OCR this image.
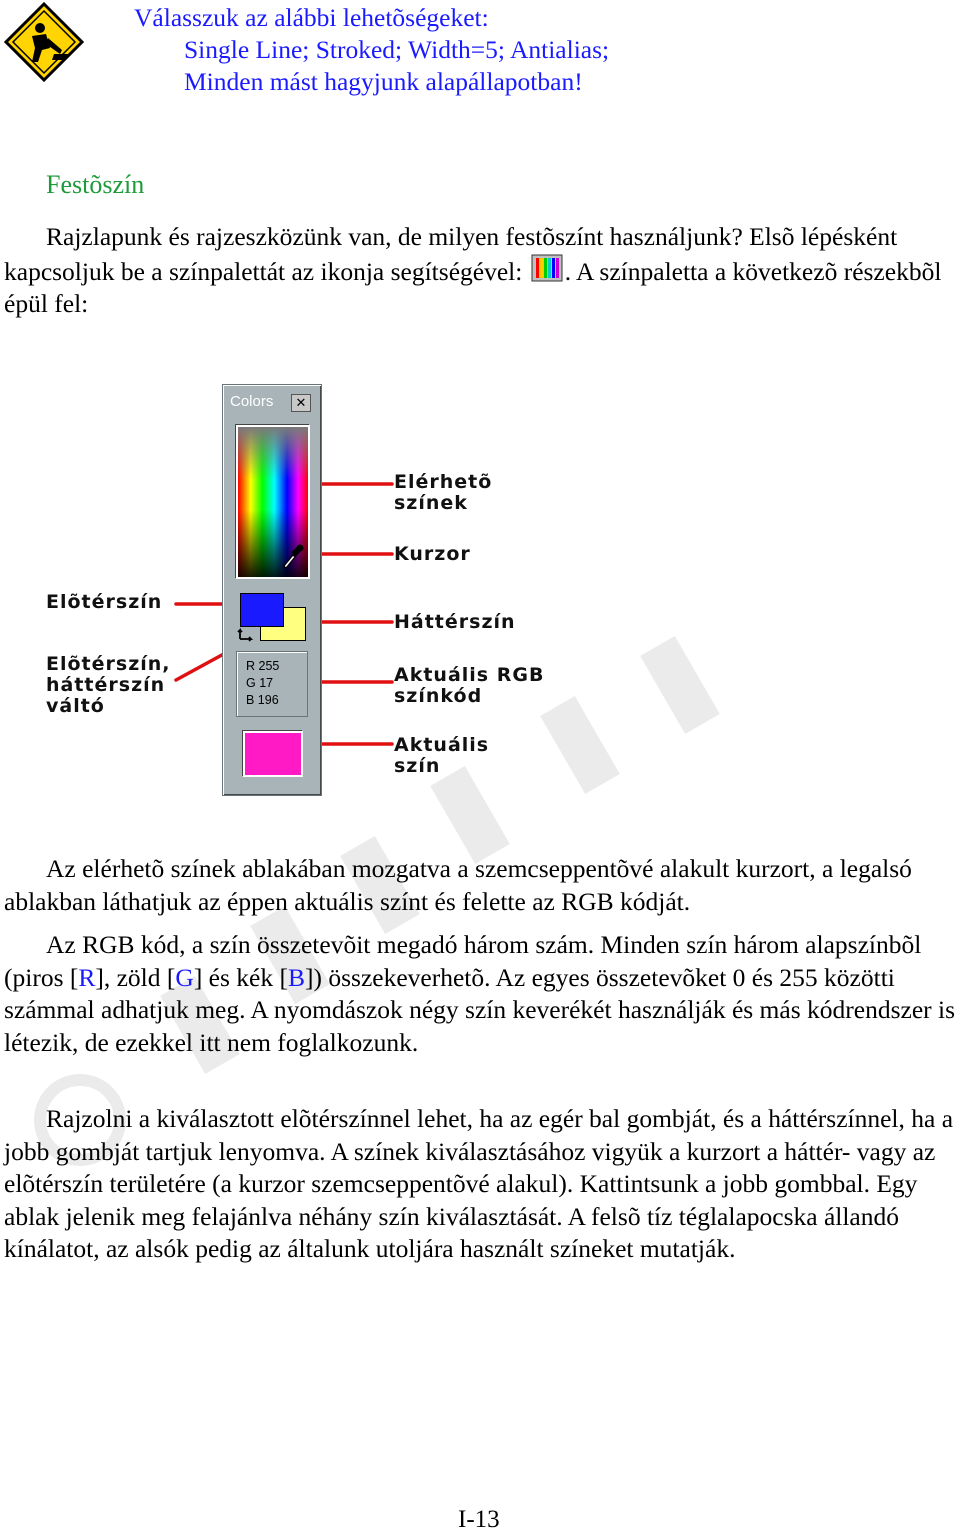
Válasszuk az alábbi lehetõségeket:
Single Line; Stroked; Width=5; Antialias;
Minden mást hagyjunk alapállapotban!
Festõszín
Rajzlapunk és rajzeszközünk van, de milyen festõszínt használjunk? Elsõ lépésként kapcsoljuk be a színpalettát az ikonja segítségével: . A színpaletta a következõ részekbõl épül fel:
Colors	✕
R 255
G 17
B 196
Elérhetõ
színek
Kurzor
Háttérszín
Aktuális RGB
színkód
Aktuális
szín
Elõtérszín
Elõtérszín,
háttérszín
váltó
Az elérhetõ színek ablakában mozgatva a szemcseppentõvé alakult kurzort, a legalsó ablakban láthatjuk az éppen aktuális színt és felette az RGB kódját.
Az RGB kód, a szín összetevõit megadó három szám. Minden szín három alapszínbõl (piros [R], zöld [G] és kék [B]) összekeverhetõ. Az egyes összetevõket 0 és 255 közötti számmal adhatjuk meg. A nyomdászok négy szín keverékét használják és más kódrendszer is létezik, de ezekkel itt nem foglalkozunk.
Rajzolni a kiválasztott elõtérszínnel lehet, ha az egér bal gombját, és a háttérszínnel, ha a jobb gombját tartjuk lenyomva. A színek kiválasztásához vigyük a kurzort a háttér- vagy az elõtérszín területére (a kurzor szemcseppentõvé alakul). Kattintsunk a jobb gombbal. Egy ablak jelenik meg felajánlva néhány szín kiválasztását. A felsõ tíz téglalapocska állandó kínálatot, az alsók pedig az általunk utoljára használt színeket mutatják.
I-13
